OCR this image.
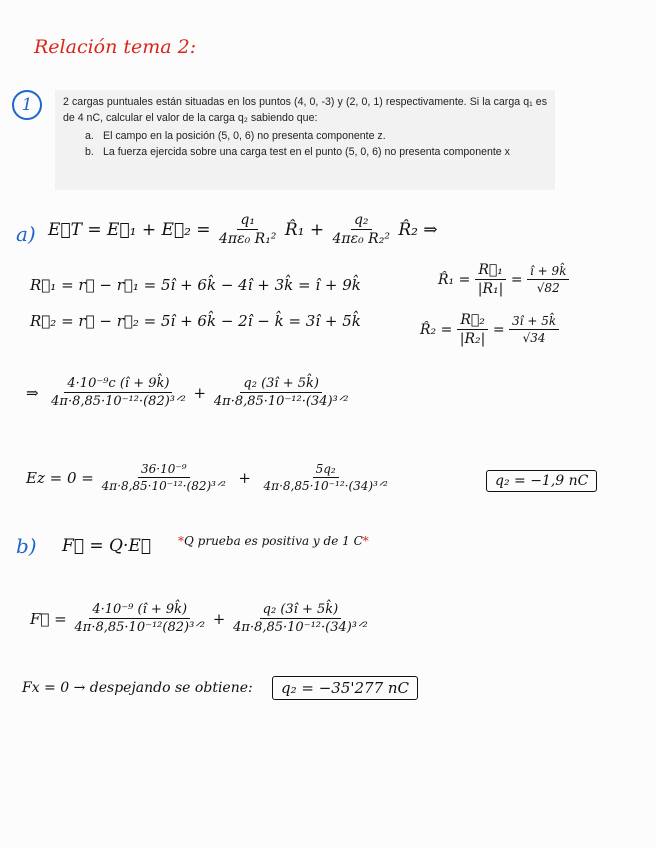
Relación tema 2:
1	2 cargas puntuales están situadas en los puntos (4, 0, -3) y (2, 0, 1) respectivamente. Si la carga q₁ es de 4 nC, calcular el valor de la carga q₂ sabiendo que:

a. El campo en la posición (5, 0, 6) no presenta componente z.
b. La fuerza ejercida sobre una carga test en el punto (5, 0, 6) no presenta componente x
a) E⃗T = E⃗₁ + E⃗₂ =
$\frac{\text{q₁}}{\text{4πε₀ R₁²}}$
R̂₁ +
$\frac{\text{q₂}}{\text{4πε₀ R₂²}}$
R̂₂ ⇒
R⃗₁ = r⃗ − r⃗₁ = 5î + 6k̂ − 4î + 3k̂ = î + 9k̂	R̂₁ =
$\frac{\text{R⃗₁}}{\text{|R₁|}}$
=
$\frac{î + 9k̂}{√82}$
R⃗₂ = r⃗ − r⃗₂ = 5î + 6k̂ − 2î − k̂ = 3î + 5k̂	R̂₂ =
$\frac{\text{R⃗₂}}{\text{|R₂|}}$
=
$\frac{3î + 5k̂}{√34}$
⇒
$\frac{\text{4·10⁻⁹c (î + 9k̂)}}{\text{4π·8,85·10⁻¹²·(82)³ᐟ²}}$
+
$\frac{\text{q₂ (3î + 5k̂)}}{\text{4π·8,85·10⁻¹²·(34)³ᐟ²}}$
Ez = 0 =
$\frac{\text{36·10⁻⁹}}{\text{4π·8,85·10⁻¹²·(82)³ᐟ²}}$
+
$\frac{\text{5q₂}}{\text{4π·8,85·10⁻¹²·(34)³ᐟ²}}$	q₂ = −1,9 nC
b) F⃗ = Q·E⃗ * Q prueba es positiva y de 1 C *
F⃗ =
$\frac{\text{4·10⁻⁹ (î + 9k̂)}}{\text{4π·8,85·10⁻¹²(82)³ᐟ²}}$
+
$\frac{\text{q₂ (3î + 5k̂)}}{\text{4π·8,85·10⁻¹²·(34)³ᐟ²}}$
Fx = 0 → despejando se obtiene:	q₂ = −35'277 nC
